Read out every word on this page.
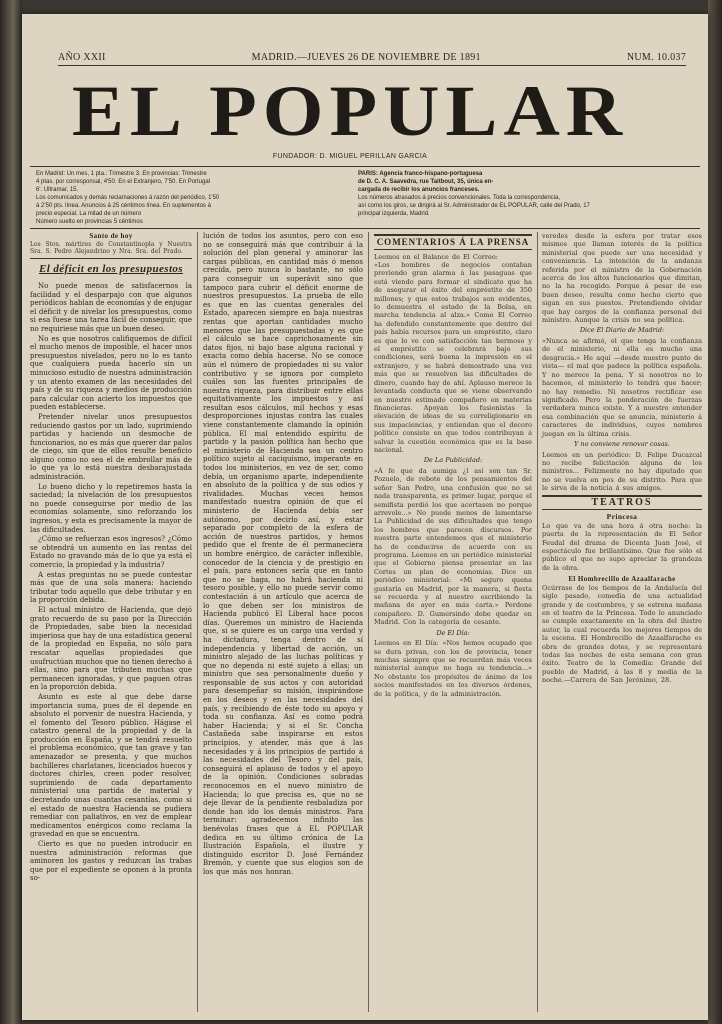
AÑO XXII	MADRID.—JUEVES 26 DE NOVIEMBRE DE 1891	NUM. 10.037
EL POPULAR
FUNDADOR: D. MIGUEL PERILLAN GARCIA

En Madrid: Un mes, 1 pta.: Trimestre 3. En provincias: Trimestre

4 ptas. por corresponsal, 4'50. En el Extranjero, 7'50. En Portugal

6'. Ultramar, 15.

Los comunicados y demás reclamaciones á razón del periódico, 1'50

á 2'50 pts. línea. Anuncios á 25 céntimos línea. En suplementos á

precio especial. La mitad de un número

Número suelto en provincias 5 céntimos

PARIS: Agencia franco-hispano-portuguesa

de D. C. A. Saavedra, rue Taitbout, 35, única en-

cargada de recibir los anuncios franceses.

Los números atrasados á precios convencionales. Toda la correspondencia,

así como los giros, se dirigirá al Sr. Administrador de EL POPULAR, calle del Prado, 17

principal izquierda, Madrid.

Santo de hoy
Los Stos. mártires de Constantinopla y Nuestra Sra. S. Pedro Alejandrino y Nra. Sra. del Prado.
El déficit en los presupuestos

No puede menos de satisfacernos la facilidad y el desparpajo con que algunos periódicos hablan de economías y de enjugar el déficit y de nivelar los presupuestos, como si esa fuese una tarea fácil de conseguir, que no requiriese más que un buen deseo.

No es que nosotros califiquemos de difícil el mucho menos de imposible, el hacer unos presupuestos nivelados, pero no lo es tanto que cualquiera pueda hacerlo sin un minucioso estudio de nuestra administración y un atento examen de las necesidades del país y de su riqueza y medios de producción para calcular con acierto los impuestos que pueden establecerse.

Pretender nivelar unos presupuestos reduciendo gastos por un lado, suprimiendo partidas y haciendo un desmoche de funcionarios, no es más que querer dar palos de ciego, sin que de ellos resulte beneficio alguno como no sea el de embrollar más de lo que ya lo está nuestra desbarajustada administración.

Lo bueno dicho y lo repetiremos hasta la saciedad; la nivelación de los presupuestos no puede conseguirse por medio de las economías solamente, sino reforzando los ingresos, y esta es precisamente la mayor de las dificultades.

¿Cómo se refuerzan esos ingresos? ¿Cómo se obtendrá un aumento en las rentas del Estado no gravando más de lo que ya está el comercio, la propiedad y la industria?

A estas preguntas no se puede contestar más que de una sola manera: haciendo tributar todo aquello que debe tributar y en la proporción debida.

El actual ministro de Hacienda, que dejó grato recuerdo de su paso por la Dirección de Propiedades, sabe bien la necesidad imperiosa que hay de una estadística general de la propiedad en España, no sólo para rescatar aquellas propiedades que usufructúan muchos que no tienen derecho á ellas, sino para que tributen muchas que permanecen ignoradas, y que paguen otras en la proporción debida.

Asunto es este al que debe darse importancia suma, pues de él depende en absoluto el porvenir de nuestra Hacienda, y el fomento del Tesoro público. Hágase el catastro general de la propiedad y de la producción en España, y se tendrá resuelto el problema económico, que tan grave y tan amenazador se presenta, y que muchos bachilleres charlatanes, licenciados huecos y doctores chirles, creen poder resolver, suprimiendo de cada departamento ministerial una partida de material y decretando unas cuantas cesantías, como si el estado de nuestra Hacienda se pudiera remediar con paliativos, en vez de emplear medicamentos enérgicos como reclama la gravedad en que se encuentra.

Cierto es que no pueden introducir en nuestra administración reformas que aminoren los gastos y reduzcan las trabas que por el expediente se oponen á la pronta so-

lución de todos los asuntos, pero con eso no se conseguirá más que contribuir á la solución del plan general y aminorar las cargas públicas, en cantidad más ó menos crecida, pero nunca lo bastante, no sólo para conseguir un superávit sino que tampoco para cubrir el déficit enorme de nuestros presupuestos. La prueba de ello es que en las cuentas generales del Estado, aparecen siempre en baja nuestras rentas que aportan cantidades mucho menores que las presupuestadas y es que el cálculo se hace caprichosamente sin datos fijos, ni bajo base alguna racional y exacta como debía hacerse. No se conoce aún el número de propiedades ni su valor contributivo y se ignora por completo cuáles son las fuentes principales de nuestra riqueza, para distribuir entre ellas equitativamente los impuestos y así resultan esos cálculos, mil hechos y esas desproporciones injustas contra las cuales viene constantemente clamando la opinión pública. El mal entendido espíritu de partido y la pasión política han hecho que el ministerio de Hacienda sea un centro político sujeto al caciquismo, imperante en todos los ministerios, en vez de ser, como debía, un organismo aparte, independiente en absoluto de la política y de sus odios y rivalidades. Muchas veces hemos manifestado nuestra opinión de que el ministerio de Hacienda debía ser autónomo, por decirlo así, y estar separado por completo de la esfera de acción de nuestros partidos, y hemos pedido que el frente de él permaneciera un hombre enérgico, de carácter inflexible, conocedor de la ciencia y de prestigio en el país, para entonces sería que en tanto que no se haga, no habrá hacienda ni tesoro posible, y ello no puede servir como contestación á un artículo que acerca de lo que deben ser los ministros de Hacienda publicó El Liberal hace pocos días. Queremos un ministro de Hacienda que, si se quiere es un cargo una verdad y ha dictadura, tenga dentro de sí independencia y libertad de acción, un ministro alejado de las luchas políticas y que no dependa ni esté sujeto á ellas; un ministro que sea personalmente dueño y responsable de sus actos y con autoridad para desempeñar su misión, inspirándose en los deseos y en las necesidades del país, y recibiendo de éste todo su apoyo y toda su confianza. Así es como podrá haber Hacienda; y si el Sr. Concha Castañeda sabe inspirarse en estos principios, y atender, más que á las necesidades y á los principios de partido á las necesidades del Tesoro y del país, conseguirá el aplauso de todos y el apoyo de la opinión. Condiciones sobradas reconocemos en el nuevo ministro de Hacienda; lo que precisa es, que no se deje llevar de la pendiente resbaladiza por donde han ido los demás ministros. Para terminar: agradecemos infinito las benévolas frases que á EL POPULAR dedica en su último crónica de La Ilustración Española, el ilustre y distinguido escritor D. José Fernández Bremón, y cuente que sus elogios son de los que más nos honran.
COMENTARIOS Á LA PRENSA
Leemos en el Balance de El Correo:
«Los hombres de negocios contaban previendo gran alarma á las pasaguas que está viendo para formar el sindicato que ha de asegurar el éxito del empréstito de 350 millones; y que estos trabajos son evidentes, lo demuestra el estado de la Bolsa, en marcha tendencia al alza.» Como El Correo ha defendido constantemente que dentro del país había recursos para un empréstito, claro es que lo ve con satisfacción tan hermoso y el empréstito se celebrará bajo sus condiciones, será buena la impresión en el extranjero, y se habrá demostrado una vez más que se resuelven las dificultades de dinero, cuando hay de ahí. Aplauso merece la levantada conducta que se viene observando en nuestro estimado compañero en materias financieras. Apoyan los fusionistas la elevación de ideas de su correligionario en sus impaciencias, y entiendan que el decoro político consiste en que todos contribuyan á salvar la cuestión económica que es la base nacional.
De La Publicidad:
«Á fe que da aumiga ¿l así son tan Sr. Pozuelo, de rebote de los pensamientos del señor San Pedro, una confusión que no sé nada transparenta, es primer lugar, porque el semifista perdió los que acertasen no porque arrevole...» No puede menos de lamentarse La Publicidad de sus dificultades que tengo los hombres que parecen discursos. Por nuestra parte entendemos que el ministerio ha de conducirse de acuerdo con su programa. Leemos en un periódico ministerial que el Gobierno piensa presentar en las Cortes un plan de economías. Dice un periódico ministerial: «Mi seguro quena gustaría en Madrid, por la manera, si fiesta se recuerda y al nuestro escribiendo la mañana de ayer en más carta.» Perdone compañero. D. Gumersindo debe quedar en Madrid. Con la categoría de cesante.
De El Día:
Leemos en El Día: «Nos hemos ocupado que se dura privan, con los de provincia, tener muchas siempre que se recuerdan más veces ministerial aunque no haga su tendencia...» No obstante los propósitos de ánimo de los socios manifestados en los diversos órdenes, de la política, y de la administración.
veredes desde la esfera por tratar esos mismos que llaman interés de la política ministerial que puede ser una necesidad y conveniencia. La intención de la andanza referida por el ministro de la Gobernación acerca de los altos funcionarios que dimitan, no la ha recogido. Porque á pesar de ese buen deseo, resulta como hecho cierto que sigan en sus puestos. Pretendiendo olvidar que hay cargos de la confianza personal del ministro. Aunque la crisis no sea política.
Dice El Diario de Madrid:
«Nunca se afirmó, el que tenga la confianza de el ministerio, ni ella es mucho una desgracia.» He aquí —desde nuestro punto de vista— el mal que padece la política española. Y no merece la pena. Y si nosotros no lo hacemos, el ministerio lo tendrá que hacer; no hay remedio. Ni nosotros rectificar ese significado. Pero la ponderación de fuerzas verdadera nunca existe. Y á nuestro entender esa combinación que se anuncia, ministerio á caracteres de individuos, cuyos nombres juegan en la última crisis.
Y no conviene renovar cosas.
Leemos en un periódico: D. Felipe Ducazcal no recibe felicitación alguna de los ministros... Felizmente no hay diputado que no se vuelva en pos de su distrito. Para que le sirva de la noticia á sus amigos.
TEATROS
Princesa
Lo que va de una hora á otra noche: la puerta de la representación de El Señor Feudal del drama de Dicenta Juan José, el espectáculo fue brillantísimo. Que fue sólo el público el que no supo apreciar la grandeza de la obra.
El Hombrecillo de Azaalfarache
Ocúrrase de los tiempos de la Andalucía del siglo pasado, comedia de una actualidad grande y de costumbres, y se estrena mañana en el teatro de la Princesa. Todo lo anunciado se cumple exactamente en la obra del ilustre autor, la cual recuerda los mejores tiempos de la escena. El Hombrecillo de Azaalfarache es obra de grandes dotes, y se representará todas las noches de esta semana con gran éxito. Teatro de la Comedia: Grande del pueblo de Madrid, á las 8 y media de la noche.—Carrera de San Jerónimo, 28.
